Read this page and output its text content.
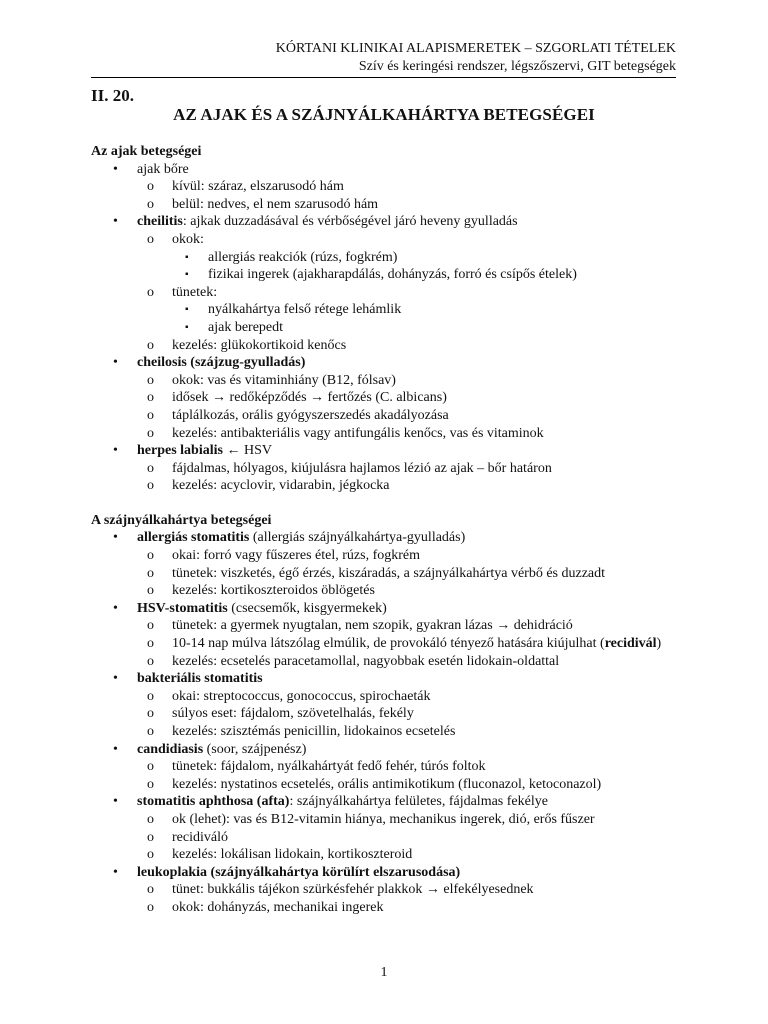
KÓRTANI KLINIKAI ALAPISMERETEK – SZGORLATI TÉTELEK
Szív és keringési rendszer, légszőszervi, GIT betegségek
II. 20.
AZ AJAK ÉS A SZÁJNYÁLKAHÁRTYA BETEGSÉGEI
Az ajak betegségei
• ajak bőre
o kívül: száraz, elszarusodó hám
o belül: nedves, el nem szarusodó hám
• cheilitis: ajkak duzzadásával és vérbőségével járó heveny gyulladás
o okok:
▪ allergiás reakciók (rúzs, fogkrém)
▪ fizikai ingerek (ajakharapdálás, dohányzás, forró és csípős ételek)
o tünetek:
▪ nyálkahártya felső rétege lehámlik
▪ ajak berepedt
o kezelés: glükokortikoid kenőcs
• cheilosis (szájzug-gyulladás)
o okok: vas és vitaminhiány (B12, fólsav)
o idősek → redőképződés → fertőzés (C. albicans)
o táplálkozás, orális gyógyszerszedés akadályozása
o kezelés: antibakteriális vagy antifungális kenőcs, vas és vitaminok
• herpes labialis ← HSV
o fájdalmas, hólyagos, kiújulásra hajlamos lézió az ajak – bőr határon
o kezelés: acyclovir, vidarabin, jégkocka
A szájnyálkahártya betegségei
• allergiás stomatitis (allergiás szájnyálkahártya-gyulladás)
o okai: forró vagy fűszeres étel, rúzs, fogkrém
o tünetek: viszketés, égő érzés, kiszáradás, a szájnyálkahártya vérbő és duzzadt
o kezelés: kortikoszteroidos öblögetés
• HSV-stomatitis (csecsemők, kisgyermekek)
o tünetek: a gyermek nyugtalan, nem szopik, gyakran lázas → dehidráció
o 10-14 nap múlva látszólag elmúlik, de provokáló tényező hatására kiújulhat (recidivál)
o kezelés: ecsetelés paracetamollal, nagyobbak esetén lidokain-oldattal
• bakteriális stomatitis
o okai: streptococcus, gonococcus, spirochaeták
o súlyos eset: fájdalom, szövetelhalás, fekély
o kezelés: szisztémás penicillin, lidokainos ecsetelés
• candidiasis (soor, szájpenész)
o tünetek: fájdalom, nyálkahártyát fedő fehér, túrós foltok
o kezelés: nystatinos ecsetelés, orális antimikotikum (fluconazol, ketoconazol)
• stomatitis aphthosa (afta): szájnyálkahártya felületes, fájdalmas fekélye
o ok (lehet): vas és B12-vitamin hiánya, mechanikus ingerek, dió, erős fűszer
o recidiváló
o kezelés: lokálisan lidokain, kortikoszteroid
• leukoplakia (szájnyálkahártya körülírt elszarusodása)
o tünet: bukkális tájékon szürkésfehér plakkok → elfekélyesednek
o okok: dohányzás, mechanikai ingerek
1
